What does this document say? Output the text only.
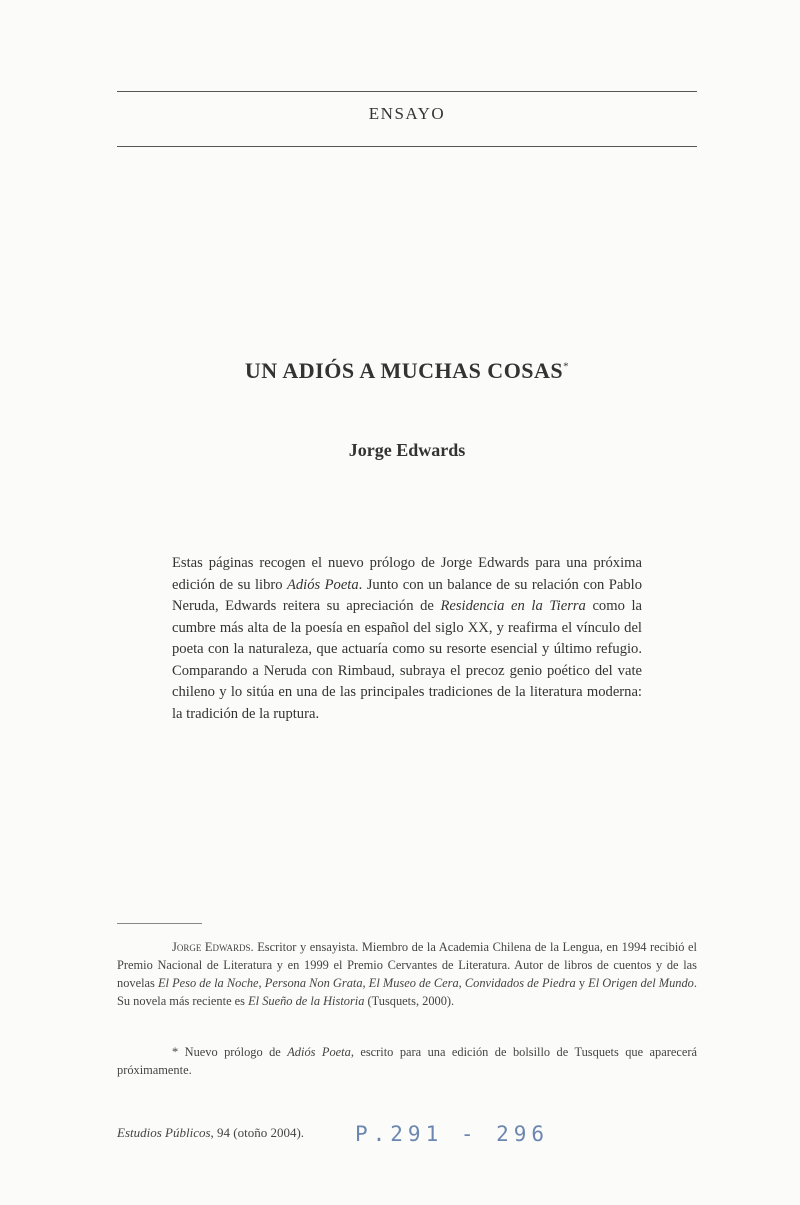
ENSAYO
UN ADIÓS A MUCHAS COSAS*
Jorge Edwards
Estas páginas recogen el nuevo prólogo de Jorge Edwards para una próxima edición de su libro Adiós Poeta. Junto con un balance de su relación con Pablo Neruda, Edwards reitera su apreciación de Residencia en la Tierra como la cumbre más alta de la poesía en español del siglo XX, y reafirma el vínculo del poeta con la naturaleza, que actuaría como su resorte esencial y último refugio. Comparando a Neruda con Rimbaud, subraya el precoz genio poético del vate chileno y lo sitúa en una de las principales tradiciones de la literatura moderna: la tradición de la ruptura.
Jorge Edwards. Escritor y ensayista. Miembro de la Academia Chilena de la Lengua, en 1994 recibió el Premio Nacional de Literatura y en 1999 el Premio Cervantes de Literatura. Autor de libros de cuentos y de las novelas El Peso de la Noche, Persona Non Grata, El Museo de Cera, Convidados de Piedra y El Origen del Mundo. Su novela más reciente es El Sueño de la Historia (Tusquets, 2000).
* Nuevo prólogo de Adiós Poeta, escrito para una edición de bolsillo de Tusquets que aparecerá próximamente.
Estudios Públicos, 94 (otoño 2004). P.291 - 296
